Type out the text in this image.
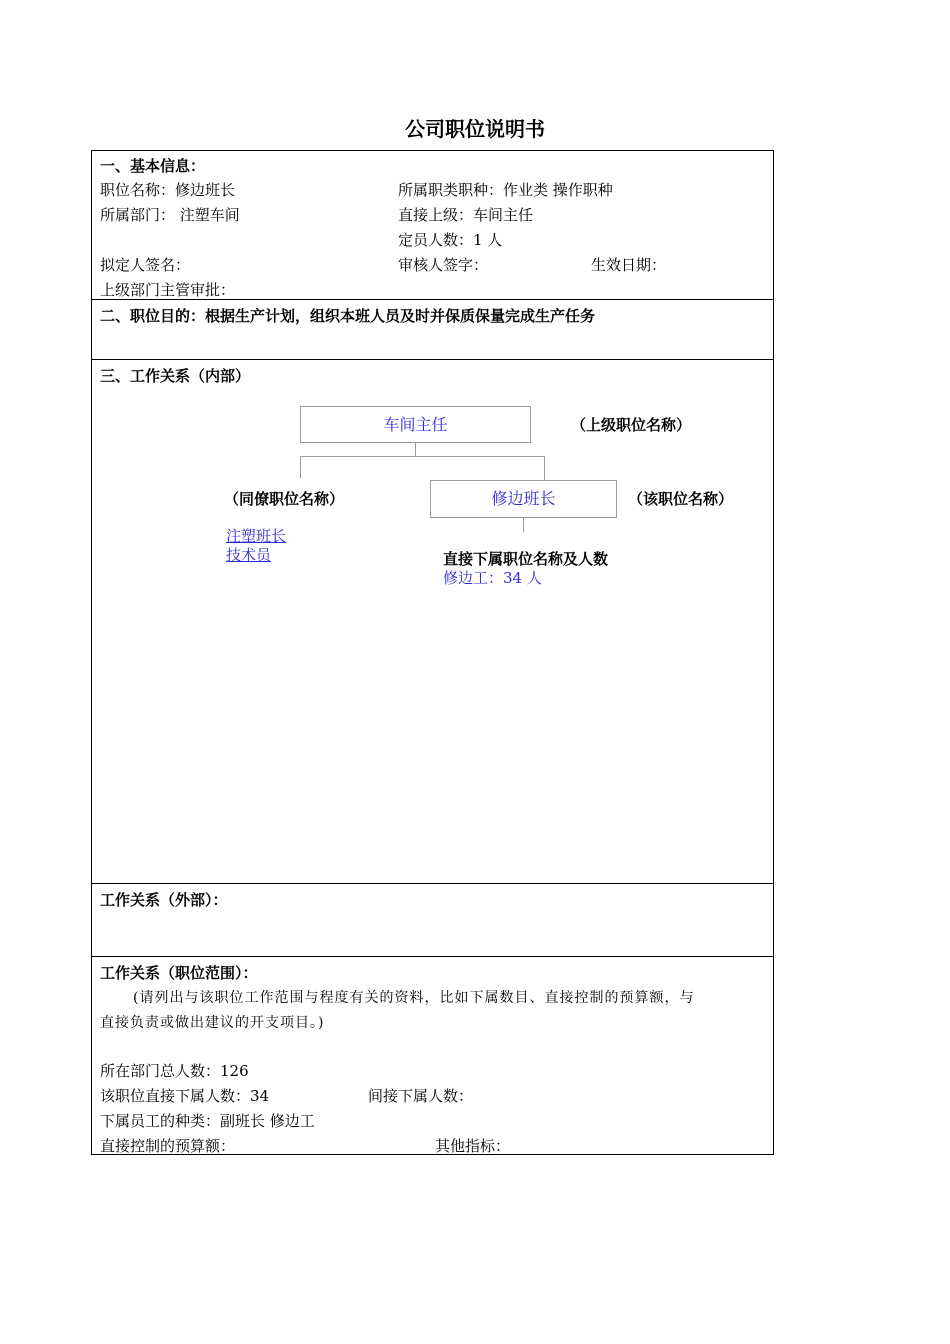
公司职位说明书
一、基本信息：
职位名称：修边班长	所属职类职种：作业类 操作职种
所属部门： 注塑车间	直接上级：车间主任
定员人数：1 人
拟定人签名：	审核人签字：	生效日期：
上级部门主管审批：
二、职位目的：根据生产计划，组织本班人员及时并保质保量完成生产任务
三、工作关系（内部）
车间主任	（上级职位名称）
（同僚职位名称）	修边班长	（该职位名称）
注塑班长
技术员	直接下属职位名称及人数
修边工：34 人
工作关系（外部）：
工作关系（职位范围）：
(请列出与该职位工作范围与程度有关的资料，比如下属数目、直接控制的预算额，与
直接负责或做出建议的开支项目。)
所在部门总人数：126
该职位直接下属人数：34	间接下属人数：
下属员工的种类：副班长 修边工
直接控制的预算额：	其他指标：
